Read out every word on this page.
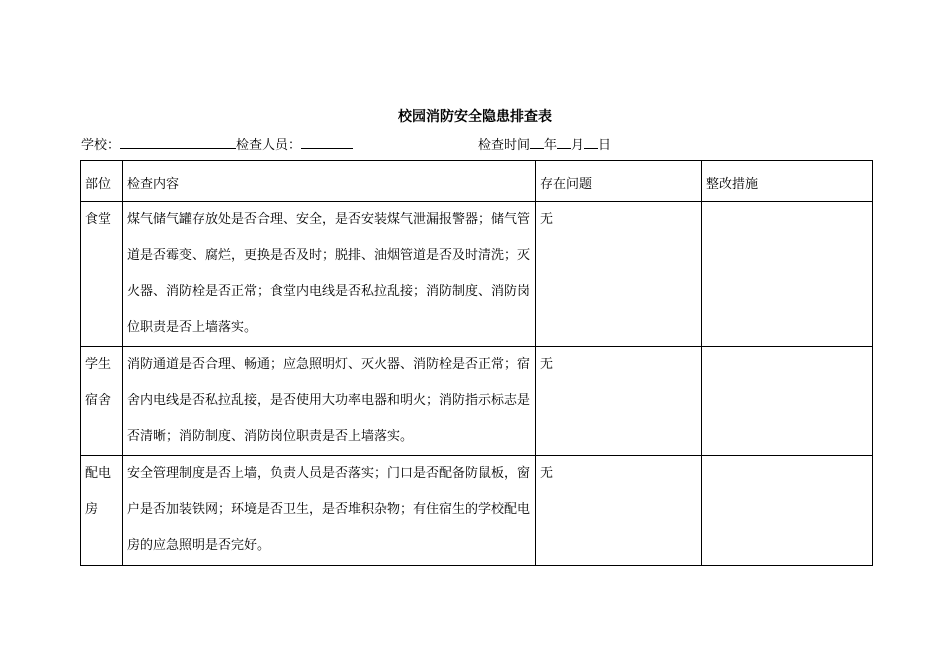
校园消防安全隐患排查表
学校：	检查人员：	检查时间 年 月 日
部位	检查内容	存在问题	整改措施
食堂	煤气储气罐存放处是否合理、安全，是否安装煤气泄漏报警器；储气管道是否霉变、腐烂，更换是否及时；脱排、油烟管道是否及时清洗；灭火器、消防栓是否正常；食堂内电线是否私拉乱接；消防制度、消防岗位职责是否上墙落实。	无	
学生宿舍	消防通道是否合理、畅通；应急照明灯、灭火器、消防栓是否正常；宿舍内电线是否私拉乱接，是否使用大功率电器和明火；消防指示标志是否清晰；消防制度、消防岗位职责是否上墙落实。	无	
配电房	安全管理制度是否上墙，负责人员是否落实；门口是否配备防鼠板，窗户是否加装铁网；环境是否卫生，是否堆积杂物；有住宿生的学校配电房的应急照明是否完好。	无	
